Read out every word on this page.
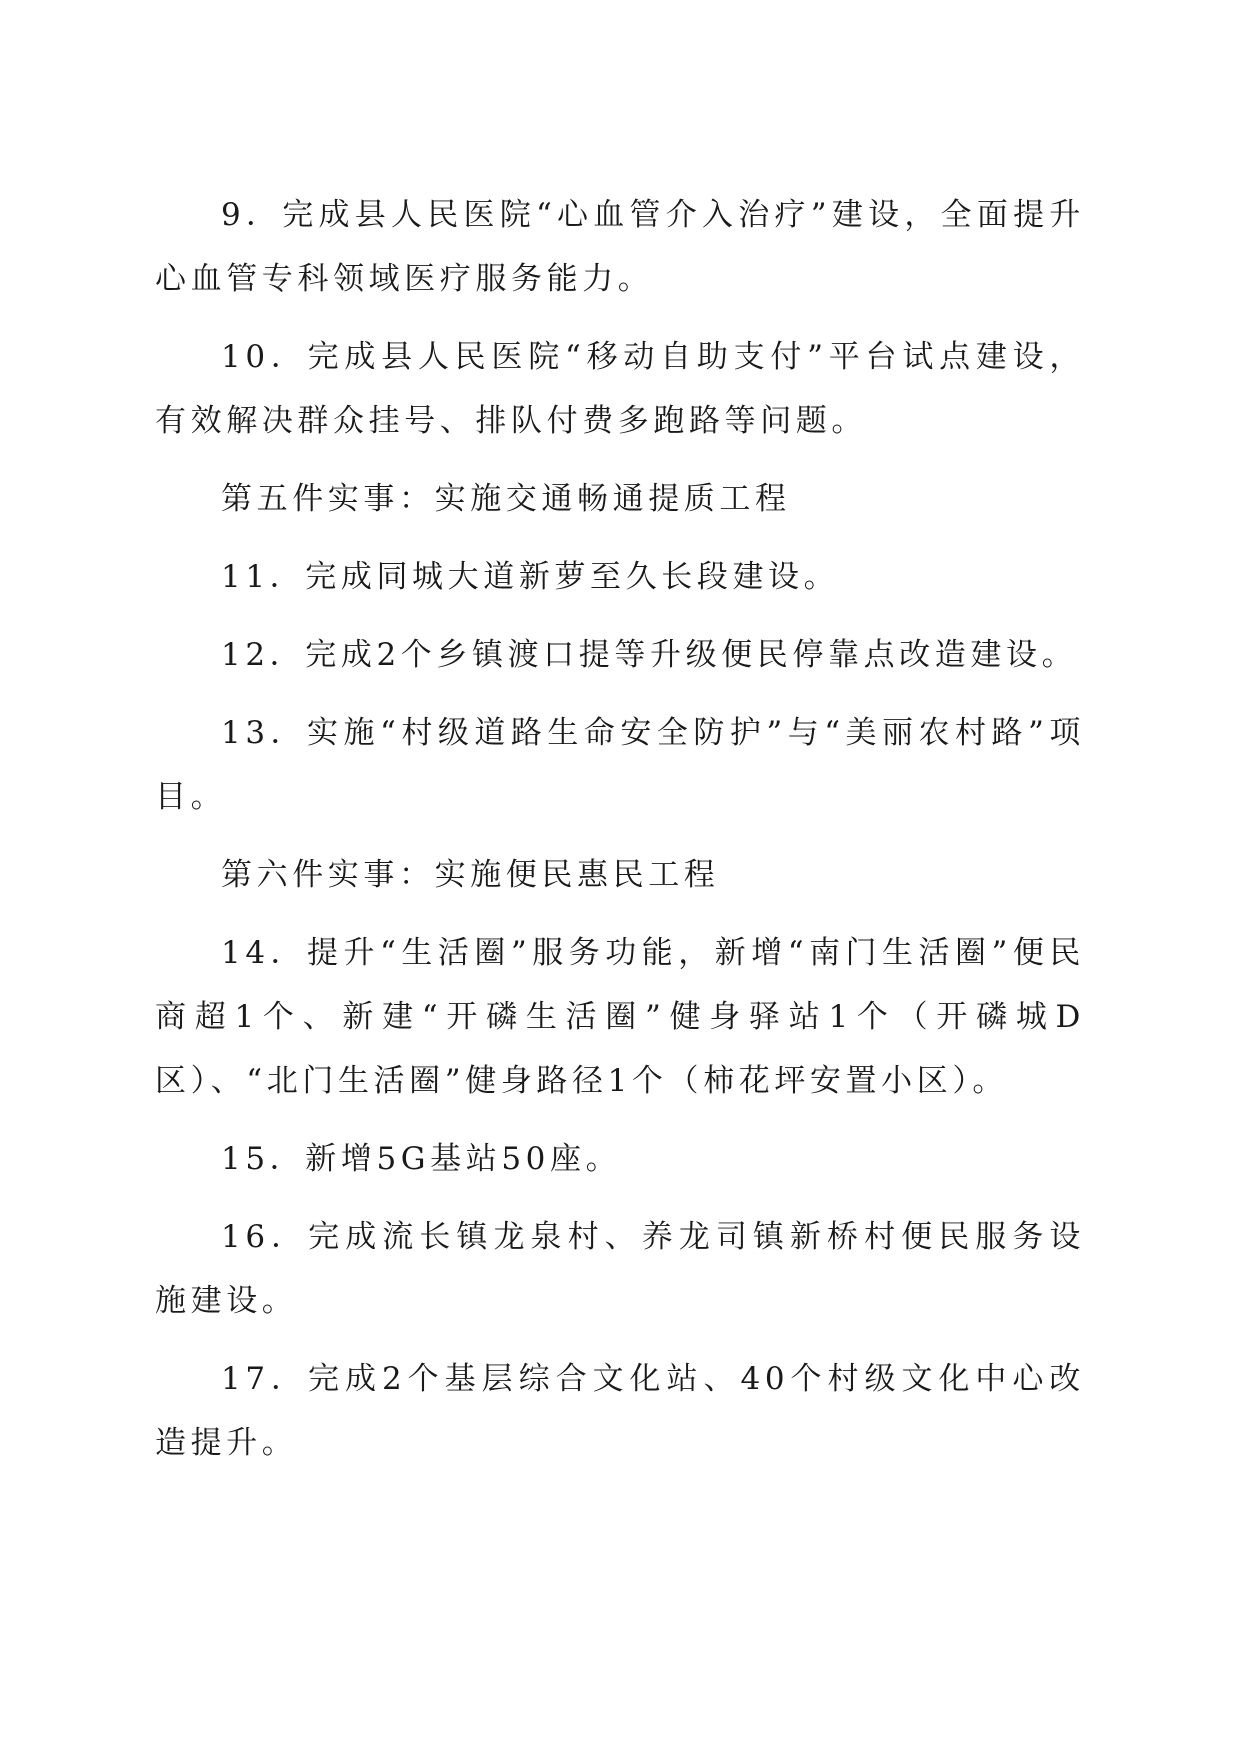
9．完成县人民医院“心血管介入治疗”建设，全面提升心血管专科领域医疗服务能力。

10．完成县人民医院“移动自助支付”平台试点建设，有效解决群众挂号、排队付费多跑路等问题。

第五件实事：实施交通畅通提质工程

11．完成同城大道新萝至久长段建设。

12．完成2个乡镇渡口提等升级便民停靠点改造建设。

13．实施“村级道路生命安全防护”与“美丽农村路”项目。

第六件实事：实施便民惠民工程

14．提升“生活圈”服务功能，新增“南门生活圈”便民商超1个、新建“开磷生活圈”健身驿站1个（开磷城D区）、“北门生活圈”健身路径1个（柿花坪安置小区）。

15．新增5G基站50座。

16．完成流长镇龙泉村、养龙司镇新桥村便民服务设施建设。

17．完成2个基层综合文化站、40个村级文化中心改造提升。
